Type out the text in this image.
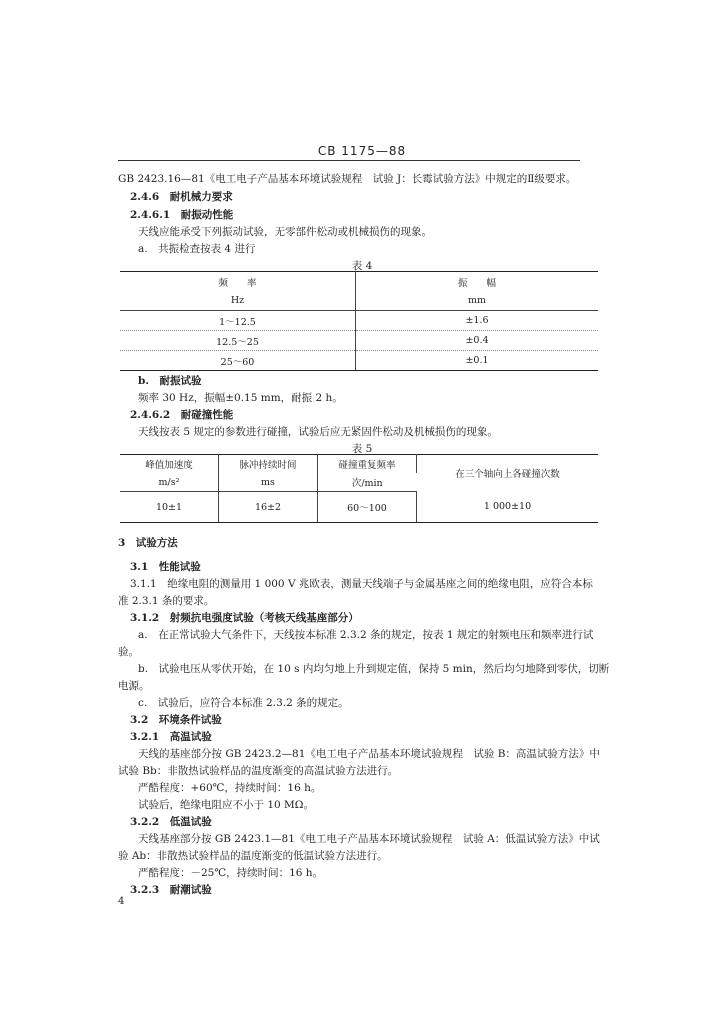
CB 1175—88
GB 2423.16—81《电工电子产品基本环境试验规程　试验 J：长霉试验方法》中规定的Ⅱ级要求。
2.4.6　耐机械力要求
2.4.6.1　耐振动性能
天线应能承受下列振动试验，无零部件松动或机械损伤的现象。
a.　共振检查按表 4 进行
表 4
频　　率	振　　幅
Hz	mm
1～12.5	±1.6
12.5～25	±0.4
25～60	±0.1
b.　耐振试验
频率 30 Hz，振幅±0.15 mm，耐振 2 h。
2.4.6.2　耐碰撞性能
天线按表 5 规定的参数进行碰撞，试验后应无紧固件松动及机械损伤的现象。
表 5
峰值加速度	脉冲持续时间	碰撞重复频率	在三个轴向上各碰撞次数
m/s²	ms	次/min	
10±1	16±2	60～100	1 000±10
3　试验方法
3.1　性能试验
3.1.1　绝缘电阻的测量用 1 000 V 兆欧表，测量天线端子与金属基座之间的绝缘电阻，应符合本标
准 2.3.1 条的要求。
3.1.2　射频抗电强度试验（考核天线基座部分）
a.　在正常试验大气条件下，天线按本标准 2.3.2 条的规定，按表 1 规定的射频电压和频率进行试
验。
b.　试验电压从零伏开始，在 10 s 内均匀地上升到规定值，保持 5 min，然后均匀地降到零伏，切断
电源。
c.　试验后，应符合本标准 2.3.2 条的规定。
3.2　环境条件试验
3.2.1　高温试验
天线的基座部分按 GB 2423.2—81《电工电子产品基本环境试验规程　试验 B：高温试验方法》中
试验 Bb：非散热试验样品的温度渐变的高温试验方法进行。
严酷程度：+60℃，持续时间：16 h。
试验后，绝缘电阻应不小于 10 MΩ。
3.2.2　低温试验
天线基座部分按 GB 2423.1—81《电工电子产品基本环境试验规程　试验 A：低温试验方法》中试
验 Ab：非散热试验样品的温度渐变的低温试验方法进行。
严酷程度：－25℃，持续时间：16 h。
3.2.3　耐潮试验
4
